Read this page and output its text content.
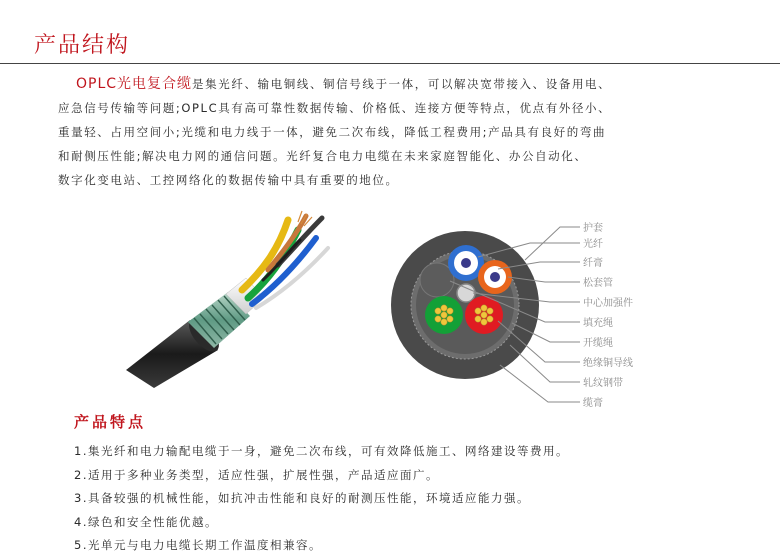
产品结构
OPLC光电复合缆是集光纤、输电铜线、铜信号线于一体，可以解决宽带接入、设备用电、
应急信号传输等问题;OPLC具有高可靠性数据传输、价格低、连接方便等特点，优点有外径小、
重量轻、占用空间小;光缆和电力线于一体，避免二次布线，降低工程费用;产品具有良好的弯曲
和耐侧压性能;解决电力网的通信问题。光纤复合电力电缆在未来家庭智能化、办公自动化、
数字化变电站、工控网络化的数据传输中具有重要的地位。
护套
光纤
纤膏
松套管
中心加强件
填充绳
开缆绳
绝缘铜导线
轧纹钢带
缆膏
产品特点
1.集光纤和电力输配电缆于一身，避免二次布线，可有效降低施工、网络建设等费用。
2.适用于多种业务类型，适应性强，扩展性强，产品适应面广。
3.具备较强的机械性能，如抗冲击性能和良好的耐测压性能，环境适应能力强。
4.绿色和安全性能优越。
5.光单元与电力电缆长期工作温度相兼容。
